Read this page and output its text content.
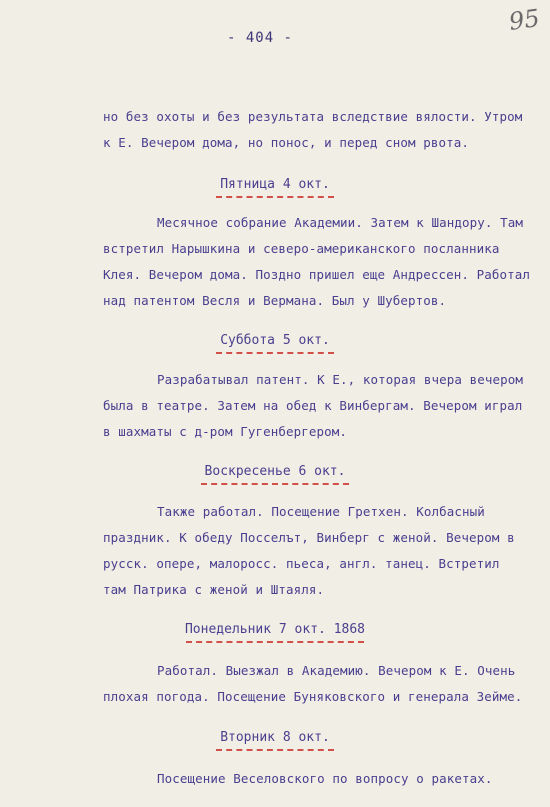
- 404 -
95
но без охоты и без результата вследствие вялости. Утром
к Е. Вечером дома, но понос, и перед сном рвота.
Пятница 4 окт.
Месячное собрание Академии. Затем к Шандору. Там
встретил Нарышкина и северо-американского посланника
Клея. Вечером дома. Поздно пришел еще Андрессен. Работал
над патентом Весля и Вермана. Был у Шубертов.
Суббота 5 окт.
Разрабатывал патент. К Е., которая вчера вечером
была в театре. Затем на обед к Винбергам. Вечером играл
в шахматы с д-ром Гугенбергером.
Воскресенье 6 окт.
Также работал. Посещение Гретхен. Колбасный
праздник. К обеду Посселът, Винберг с женой. Вечером в
русск. опере, малоросс. пьеса, англ. танец. Встретил
там Патрика с женой и Штаяля.
Понедельник 7 окт. 1868
Работал. Выезжал в Академию. Вечером к Е. Очень
плохая погода. Посещение Буняковского и генерала Зейме.
Вторник 8 окт.
Посещение Веселовского по вопросу о ракетах.
